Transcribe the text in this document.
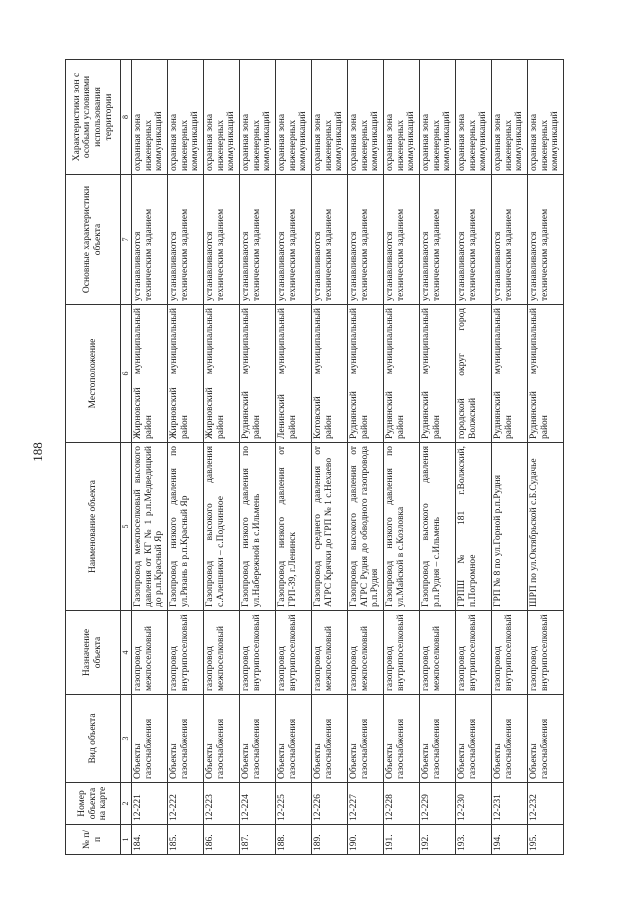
188
№ п/п	Номер объекта на карте	Вид объекта	Назначение объекта	Наименование объекта	Местоположение	Основные характеристики объекта	Характеристики зон с особыми условиями использования территории
1	2	3	4	5	6	7	8
184.	12-221	Объекты газоснабжения	газопровод межпоселковый	Газопровод межпоселковый высокого давления от КГ № 1 р.п.Медведицкий до р.п.Красный Яр	Жирновский муниципальный район	устанавливаются техническим заданием	охранная зона инженерных коммуникаций
185.	12-222	Объекты газоснабжения	газопровод внутрипоселковый	Газопровод низкого давления по ул.Рязань в р.п.Красный Яр	Жирновский муниципальный район	устанавливаются техническим заданием	охранная зона инженерных коммуникаций
186.	12-223	Объекты газоснабжения	газопровод межпоселковый	Газопровод высокого давления с.Алешники – с.Подчинное	Жирновский муниципальный район	устанавливаются техническим заданием	охранная зона инженерных коммуникаций
187.	12-224	Объекты газоснабжения	газопровод внутрипоселковый	Газопровод низкого давления по ул.Набережной в с.Ильмень	Руднянский муниципальный район	устанавливаются техническим заданием	охранная зона инженерных коммуникаций
188.	12-225	Объекты газоснабжения	газопровод внутрипоселковый	Газопровод низкого давления от ГРП-39, г.Ленинск	Ленинский муниципальный район	устанавливаются техническим заданием	охранная зона инженерных коммуникаций
189.	12-226	Объекты газоснабжения	газопровод межпоселковый	Газопровод среднего давления от АГРС Крячки до ГРП № 1 с.Нехаево	Котовский муниципальный район	устанавливаются техническим заданием	охранная зона инженерных коммуникаций
190.	12-227	Объекты газоснабжения	газопровод межпоселковый	Газопровод высокого давления от АГРС Рудня до обводного газопровода р.п.Рудня	Руднянский муниципальный район	устанавливаются техническим заданием	охранная зона инженерных коммуникаций
191.	12-228	Объекты газоснабжения	газопровод внутрипоселковый	Газопровод низкого давления по ул.Майской в с.Козловка	Руднянский муниципальный район	устанавливаются техническим заданием	охранная зона инженерных коммуникаций
192.	12-229	Объекты газоснабжения	газопровод межпоселковый	Газопровод высокого давления р.п.Рудня – с.Ильмень	Руднянский муниципальный район	устанавливаются техническим заданием	охранная зона инженерных коммуникаций
193.	12-230	Объекты газоснабжения	газопровод внутрипоселковый	ГРПШ № 181 г.Волжский, п.Погромное	городской округ город Волжский	устанавливаются техническим заданием	охранная зона инженерных коммуникаций
194.	12-231	Объекты газоснабжения	газопровод внутрипоселковый	ГРП № 8 по ул.Горной р.п.Рудня	Руднянский муниципальный район	устанавливаются техническим заданием	охранная зона инженерных коммуникаций
195.	12-232	Объекты газоснабжения	газопровод внутрипоселковый	ШРП по ул.Октябрьской с.Б.Судачье	Руднянский муниципальный район	устанавливаются техническим заданием	охранная зона инженерных коммуникаций
